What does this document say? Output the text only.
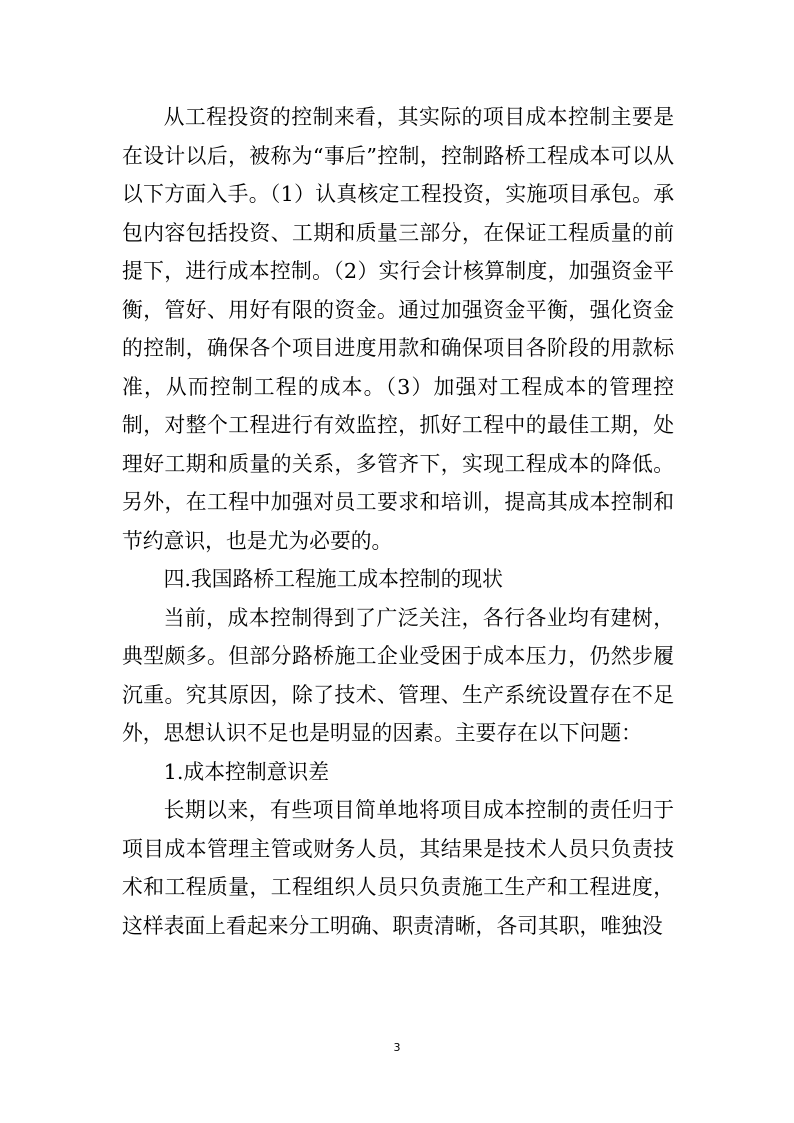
从工程投资的控制来看，其实际的项目成本控制主要是在设计以后，被称为“事后”控制，控制路桥工程成本可以从以下方面入手。（1）认真核定工程投资，实施项目承包。承包内容包括投资、工期和质量三部分，在保证工程质量的前提下，进行成本控制。（2）实行会计核算制度，加强资金平衡，管好、用好有限的资金。通过加强资金平衡，强化资金的控制，确保各个项目进度用款和确保项目各阶段的用款标准，从而控制工程的成本。（3）加强对工程成本的管理控制，对整个工程进行有效监控，抓好工程中的最佳工期，处理好工期和质量的关系，多管齐下，实现工程成本的降低。另外，在工程中加强对员工要求和培训，提高其成本控制和节约意识，也是尤为必要的。

四.我国路桥工程施工成本控制的现状

当前，成本控制得到了广泛关注，各行各业均有建树，典型颇多。但部分路桥施工企业受困于成本压力，仍然步履沉重。究其原因，除了技术、管理、生产系统设置存在不足外，思想认识不足也是明显的因素。主要存在以下问题：

1.成本控制意识差

长期以来，有些项目简单地将项目成本控制的责任归于项目成本管理主管或财务人员，其结果是技术人员只负责技术和工程质量，工程组织人员只负责施工生产和工程进度，这样表面上看起来分工明确、职责清晰，各司其职，唯独没

3
